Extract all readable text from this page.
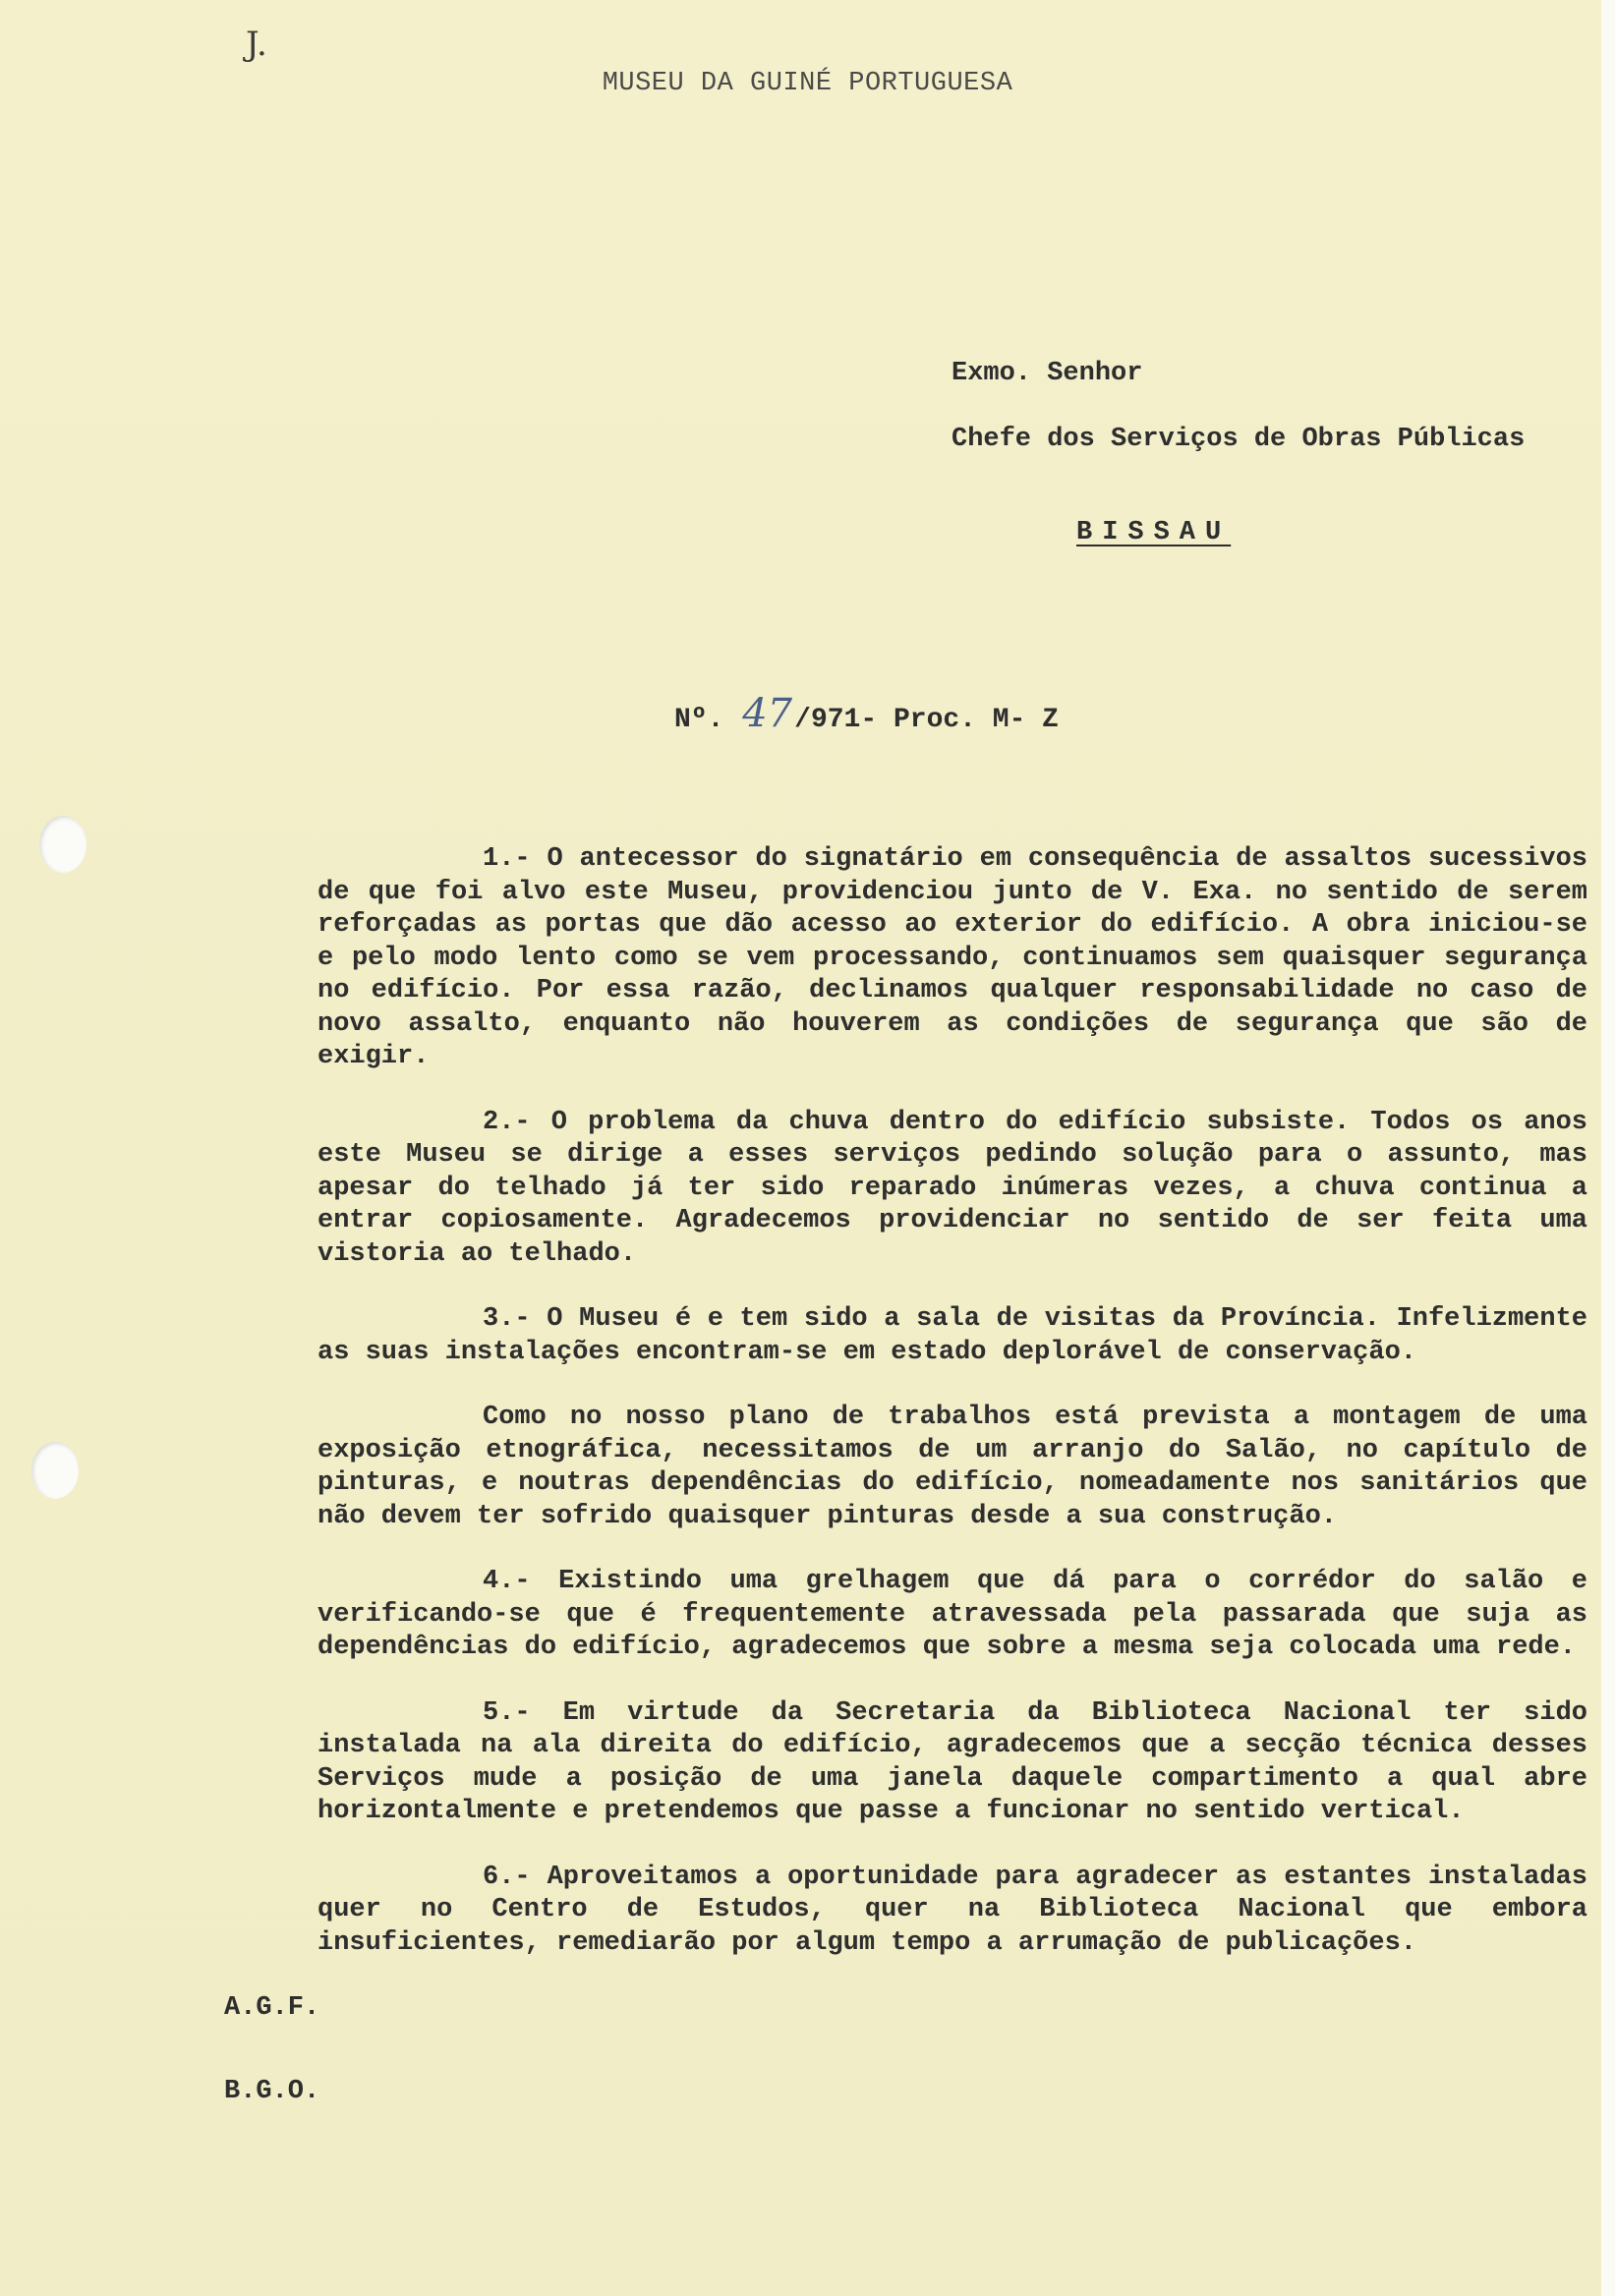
J.
MUSEU DA GUINÉ PORTUGUESA
Exmo. Senhor
Chefe dos Serviços de Obras Públicas
BISSAU
Nº. 47/971- Proc. M- Z

1.- O antecessor do signatário em consequência de assaltos sucessivos de que foi alvo este Museu, providenciou junto de V. Exa. no sentido de serem reforçadas as portas que dão acesso ao exterior do edifício. A obra iniciou-se e pelo modo lento como se vem processando, continuamos sem quaisquer segurança no edifício. Por essa razão, declinamos qualquer responsabilidade no caso de novo assalto, enquanto não houverem as condições de segurança que são de exigir.

2.- O problema da chuva dentro do edifício subsiste. Todos os anos este Museu se dirige a esses serviços pedindo solução para o assunto, mas apesar do telhado já ter sido reparado inúmeras vezes, a chuva continua a entrar copiosamente. Agradecemos providenciar no sentido de ser feita uma vistoria ao telhado.

3.- O Museu é e tem sido a sala de visitas da Província. Infelizmente as suas instalações encontram-se em estado deplorável de conservação.

Como no nosso plano de trabalhos está prevista a montagem de uma exposição etnográfica, necessitamos de um arranjo do Salão, no capítulo de pinturas, e noutras dependências do edifício, nomeadamente nos sanitários que não devem ter sofrido quaisquer pinturas desde a sua construção.

4.- Existindo uma grelhagem que dá para o corrédor do salão e verificando-se que é frequentemente atravessada pela passarada que suja as dependências do edifício, agradecemos que sobre a mesma seja colocada uma rede.

5.- Em virtude da Secretaria da Biblioteca Nacional ter sido instalada na ala direita do edifício, agradecemos que a secção técnica desses Serviços mude a posição de uma janela daquele compartimento a qual abre horizontalmente e pretendemos que passe a funcionar no sentido vertical.

6.- Aproveitamos a oportunidade para agradecer as estantes instaladas quer no Centro de Estudos, quer na Biblioteca Nacional que embora insuficientes, remediarão por algum tempo a arrumação de publicações.

A.G.F.
B.G.O.
